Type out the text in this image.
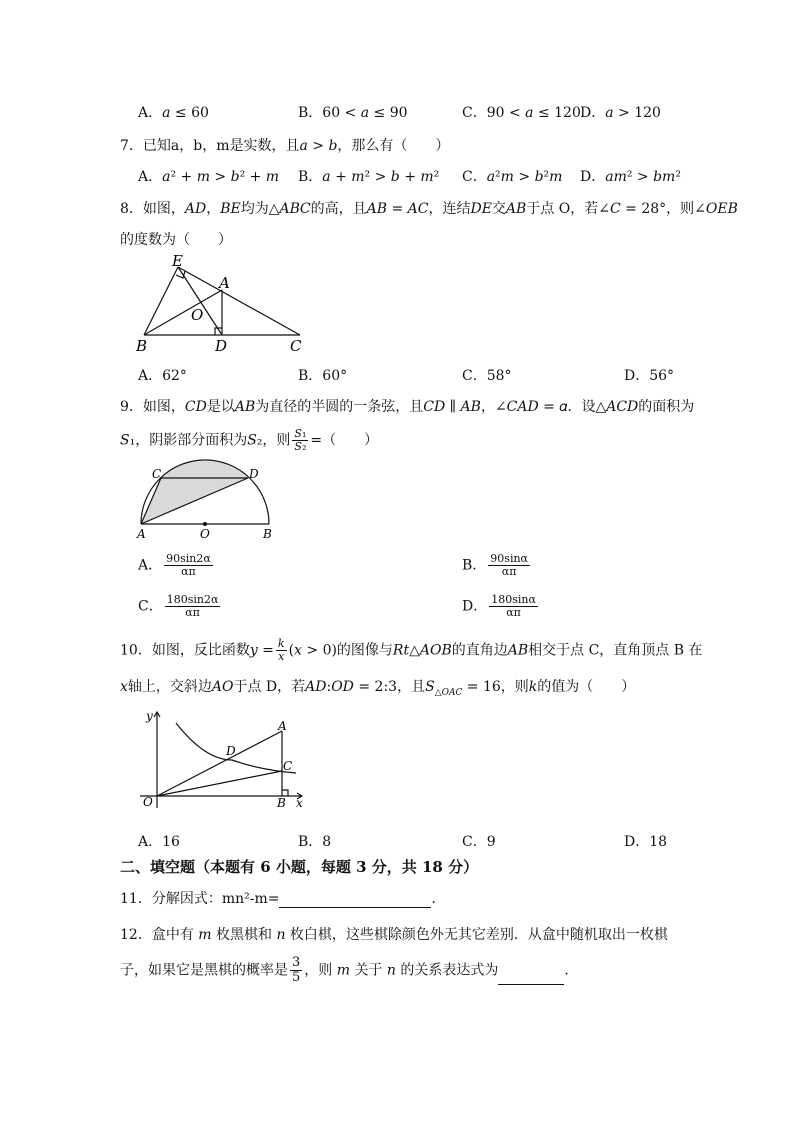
A．𝑎 ≤ 60	B．60 < 𝑎 ≤ 90	C．90 < 𝑎 ≤ 120 D．𝑎 > 120
7．已知a，b，m是实数，且𝑎 > 𝑏，那么有（　　）
A．𝑎² + 𝑚 > 𝑏² + 𝑚 B．𝑎 + 𝑚² > 𝑏 + 𝑚² C．𝑎²𝑚 > 𝑏²𝑚 D．𝑎𝑚² > 𝑏𝑚²
8．如图，𝐴𝐷，𝐵𝐸均为△𝐴𝐵𝐶的高，且𝐴𝐵 = 𝐴𝐶，连结𝐷𝐸交𝐴𝐵于点 O，若∠𝐶 = 28°，则∠𝑂𝐸𝐵
的度数为（　　）
E
A
O
B	D	C
A．62°	B．60°	C．58°	D．56°
9．如图，𝐶𝐷是以𝐴𝐵为直径的半圆的一条弦，且𝐶𝐷 ∥ 𝐴𝐵，∠𝐶𝐴𝐷 = 𝛼．设△𝐴𝐶𝐷的面积为
𝑆₁，阴影部分面积为𝑆₂，则 $\frac{\text{𝑆₁}}{\text{𝑆₂}}$ =（　　）
C	D
A	O	B
A． $\frac{90\sin 2\alpha}{\alpha\pi}$	B． $\frac{90\sin\alpha}{\alpha\pi}$
C． $\frac{180\sin 2\alpha}{\alpha\pi}$	D． $\frac{180\sin\alpha}{\alpha\pi}$
10．如图，反比函数𝑦 = $\frac{\text{𝑘}}{\text{𝑥}}$ (𝑥 > 0)的图像与𝑅𝑡△𝐴𝑂𝐵的直角边𝐴𝐵相交于点 C，直角顶点 B 在
𝑥轴上，交斜边𝐴𝑂于点 D，若𝐴𝐷:𝑂𝐷 = 2:3，且𝑆$_{\triangle 𝑂𝐴𝐶}$ = 16，则𝑘的值为（　　）
y
x
O
A
D
C
B
A．16	B．8	C．9	D．18
二、填空题（本题有 6 小题，每题 3 分，共 18 分）
11．分解因式：mn²-m=	．
12．盒中有 𝑚 枚黑棋和 𝑛 枚白棋，这些棋除颜色外无其它差别．从盒中随机取出一枚棋
子，如果它是黑棋的概率是 $\frac{3}{5}$ ，则 𝑚 关于 𝑛 的关系表达式为	．
